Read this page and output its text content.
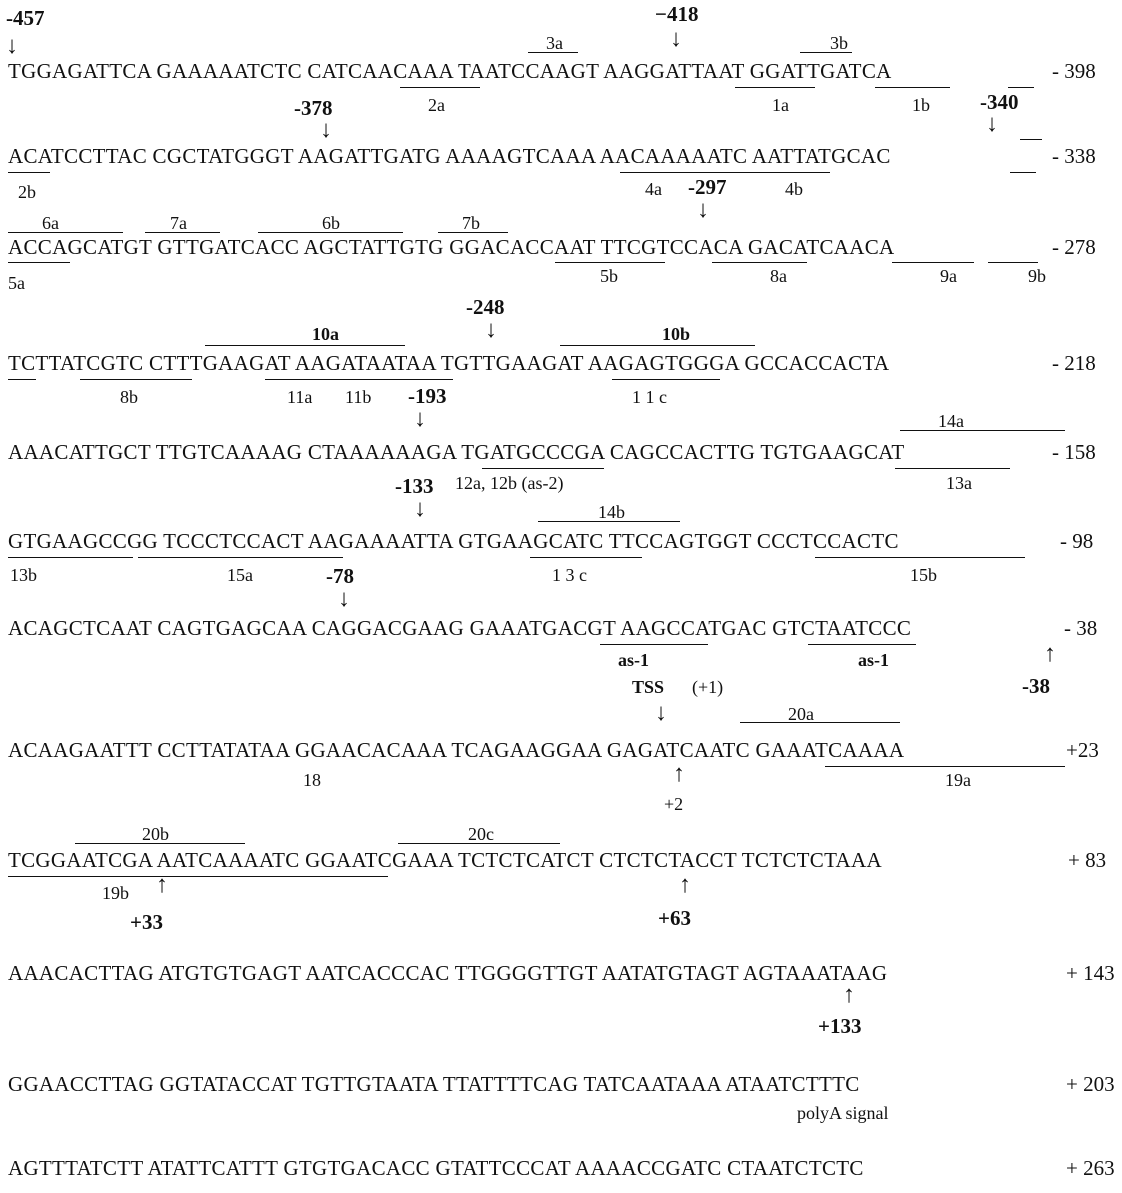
-457
↓
−418
↓
3a	3b
TGGAGATTCA GAAAAATCTC CATCAACAAA TAATCCAAGT AAGGATTAAT GGATTGATCA	- 398
2a	1a	1b
-378
↓
-340
↓
ACATCCTTAC CGCTATGGGT AAGATTGATG AAAAGTCAAA AACAAAAATC AATTATGCAC	- 338
2b	4a	4b
-297
↓
6a	7a	6b	7b
ACCAGCATGT GTTGATCACC AGCTATTGTG GGACACCAAT TTCGTCCACA GACATCAACA	- 278
5a	5b	8a	9a	9b
-248
↓
10a	10b
TCTTATCGTC CTTTGAAGAT AAGATAATAA TGTTGAAGAT AAGAGTGGGA GCCACCACTA	- 218
8b	11a 11b	1 1 c
-193
↓	14a
AAACATTGCT TTGTCAAAAG CTAAAAAAGA TGATGCCCGA CAGCCACTTG TGTGAAGCAT	- 158
12a, 12b (as-2)	13a
-133
↓	14b
GTGAAGCCGG TCCCTCCACT AAGAAAATTA GTGAAGCATC TTCCAGTGGT CCCTCCACTC	- 98
13b	15a	1 3 c	15b
-78
↓
ACAGCTCAAT CAGTGAGCAA CAGGACGAAG GAAATGACGT AAGCCATGAC GTCTAATCCC	- 38
as-1	as-1	↑
-38
TSS (+1)
↓	20a
ACAAGAATTT CCTTATATAA GGAACACAAA TCAGAAGGAA GAGATCAATC GAAATCAAAA	+23
18	19a
↑
+2
20b	20c
TCGGAATCGA AATCAAAATC GGAATCGAAA TCTCTCATCT CTCTCTACCT TCTCTCTAAA	+ 83
19b ↑
+33
↑
+63
AAACACTTAG ATGTGTGAGT AATCACCCAC TTGGGGTTGT AATATGTAGT AGTAAATAAG	+ 143
↑
+133
GGAACCTTAG GGTATACCAT TGTTGTAATA TTATTTTCAG TATCAATAAA ATAATCTTTC	+ 203
polyA signal
AGTTTATCTT ATATTCATTT GTGTGACACC GTATTCCCAT AAAACCGATC CTAATCTCTC	+ 263
